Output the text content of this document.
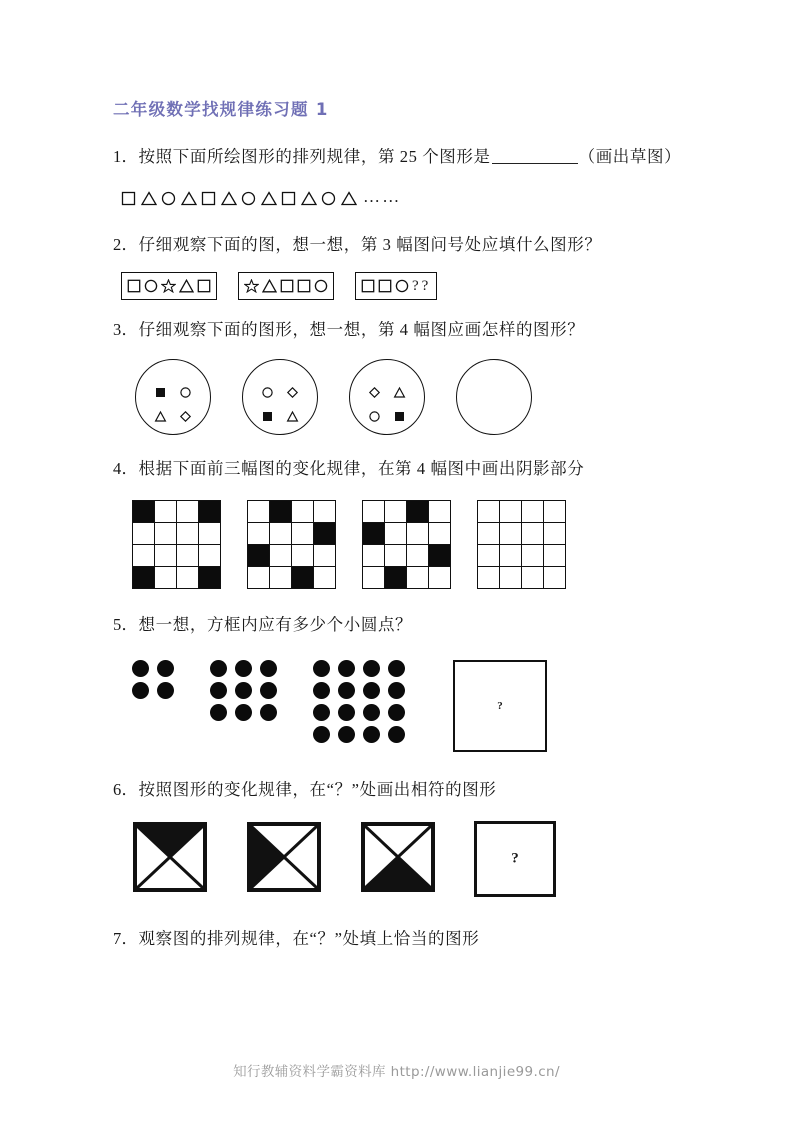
二年级数学找规律练习题 1

1．按照下面所绘图形的排列规律，第 25 个图形是	（画出草图）

……

2．仔细观察下面的图，想一想，第 3 幅图问号处应填什么图形？

? ?

3．仔细观察下面的图形，想一想，第 4 幅图应画怎样的图形？

4．根据下面前三幅图的变化规律，在第 4 幅图中画出阴影部分

5．想一想，方框内应有多少个小圆点？

?

6．按照图形的变化规律，在“？”处画出相符的图形

?

7．观察图的排列规律，在“？”处填上恰当的图形

知行教辅资料学霸资料库 http://www.lianjie99.cn/
